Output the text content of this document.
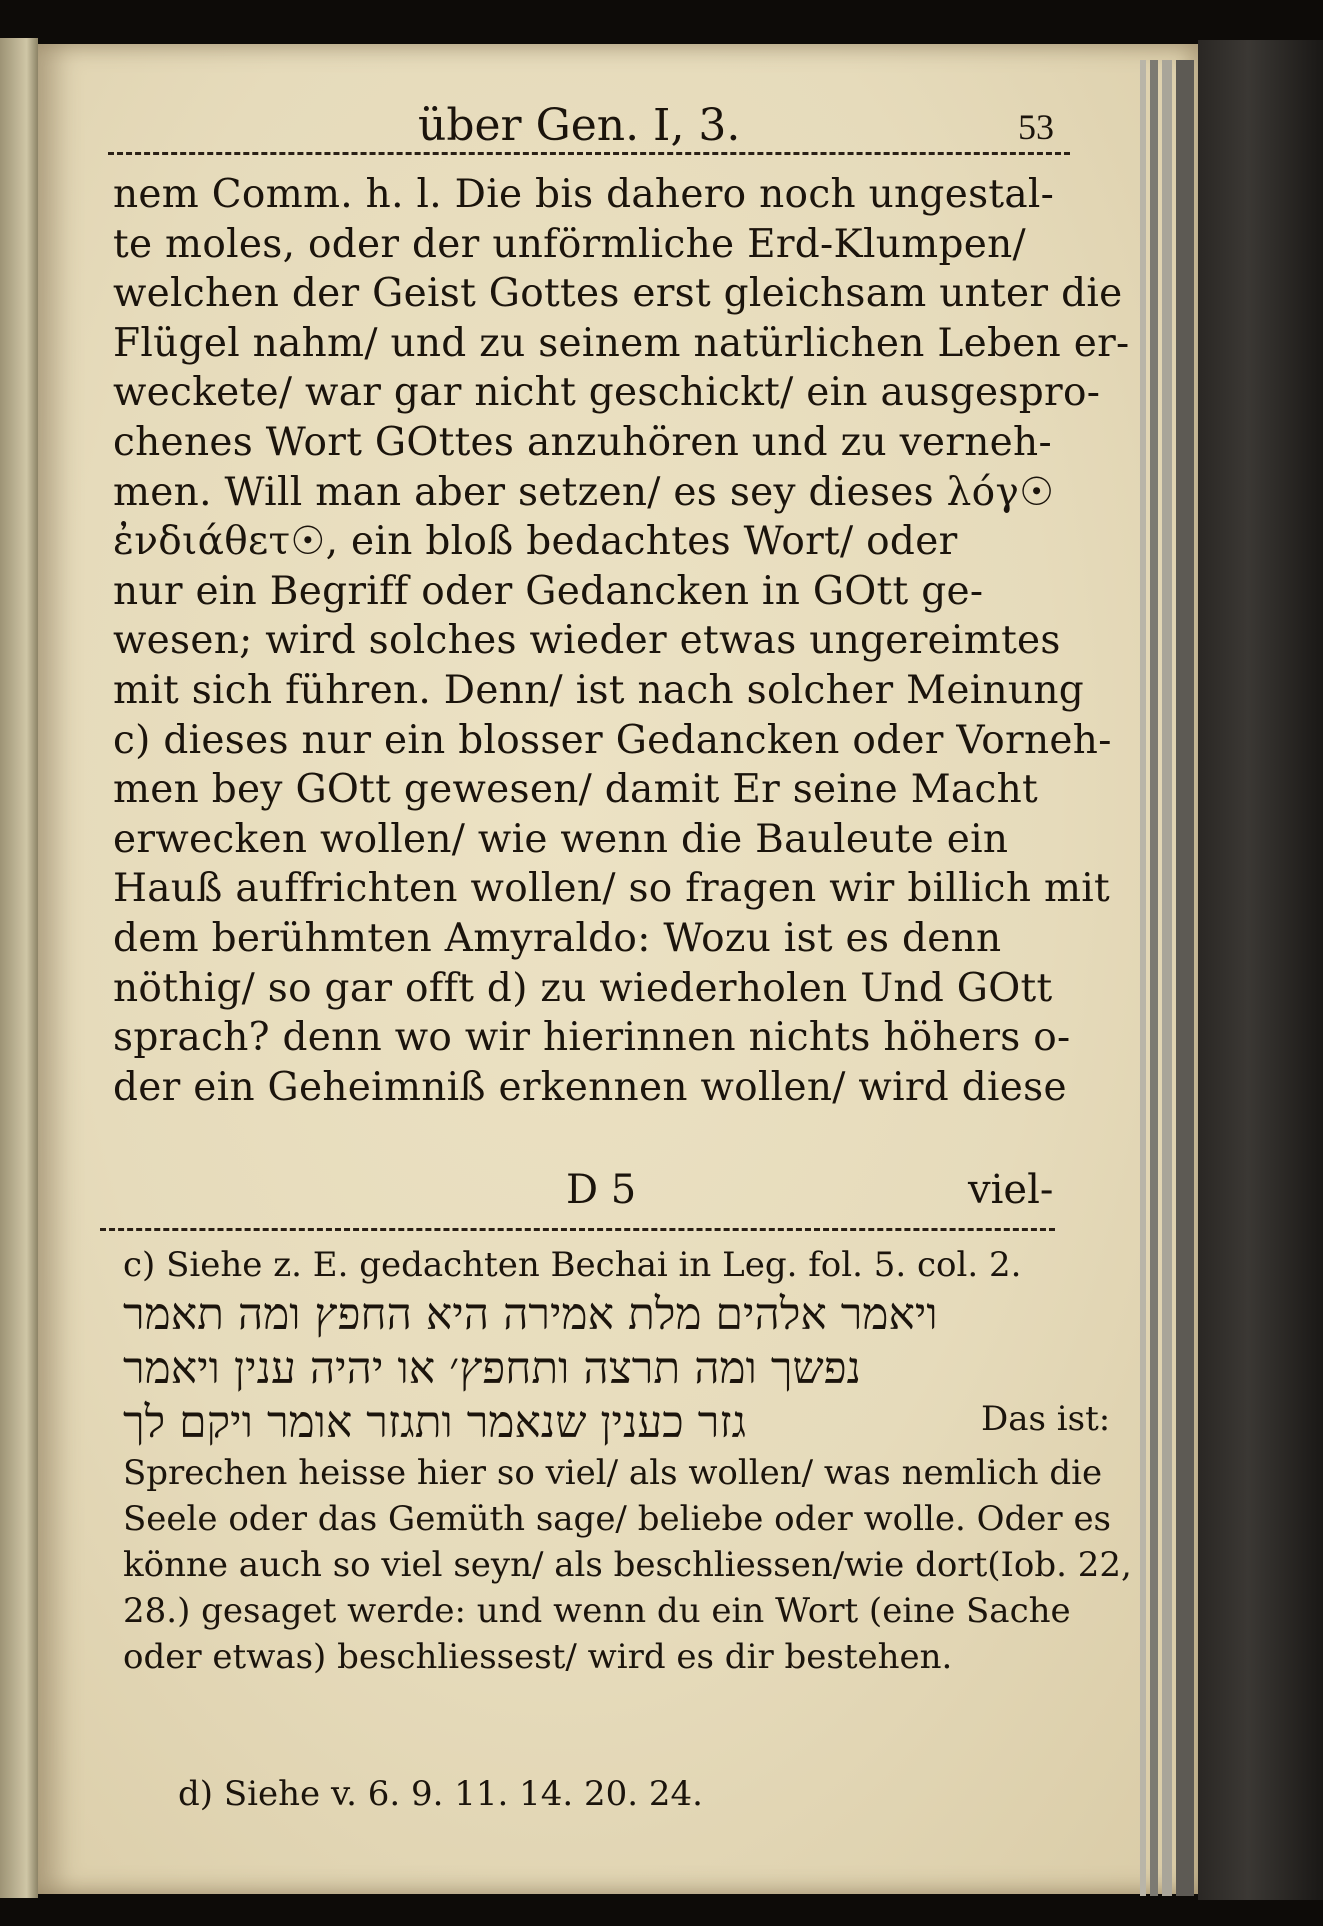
über Gen. I, 3.	53
nem Comm. h. l. Die bis dahero noch ungestal-
te moles, oder der unförmliche Erd-Klumpen/
welchen der Geist Gottes erst gleichsam unter die
Flügel nahm/ und zu seinem natürlichen Leben er-
weckete/ war gar nicht geschickt/ ein ausgespro-
chenes Wort GOttes anzuhören und zu verneh-
men. Will man aber setzen/ es sey dieses λόγ☉
ἐνδιάθετ☉, ein bloß bedachtes Wort/ oder
nur ein Begriff oder Gedancken in GOtt ge-
wesen; wird solches wieder etwas ungereimtes
mit sich führen. Denn/ ist nach solcher Meinung
c) dieses nur ein blosser Gedancken oder Vorneh-
men bey GOtt gewesen/ damit Er seine Macht
erwecken wollen/ wie wenn die Bauleute ein
Hauß auffrichten wollen/ so fragen wir billich mit
dem berühmten Amyraldo: Wozu ist es denn
nöthig/ so gar offt d) zu wiederholen Und GOtt
sprach? denn wo wir hierinnen nichts höhers o-
der ein Geheimniß erkennen wollen/ wird diese
D 5	viel-
c) Siehe z. E. gedachten Bechai in Leg. fol. 5. col. 2.
ויאמר אלהים מלת אמירה היא החפץ ומה תאמר
נפשך ומה תרצה ותחפץ׳ או יהיה ענין ויאמר
גזר כענין שנאמר ותגזר אומר ויקם לך	Das ist:
Sprechen heisse hier so viel/ als wollen/ was nemlich die
Seele oder das Gemüth sage/ beliebe oder wolle. Oder es
könne auch so viel seyn/ als beschliessen/wie dort(Iob. 22,
28.) gesaget werde: und wenn du ein Wort (eine Sache
oder etwas) beschliessest/ wird es dir bestehen.
d) Siehe v. 6. 9. 11. 14. 20. 24.
